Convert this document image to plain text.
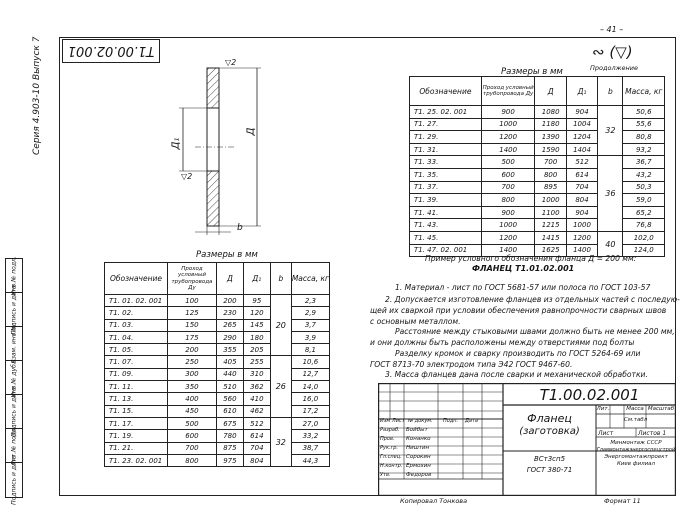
– 41 –
Т1.00.02.001
Серия 4.903-10 Выпуск 7	∾ (▽)
▽2
▽2
Д
Д₁
b
Размеры в мм
Обозначение	Проход условный трубопровода Ду	Д	Д₁	b	Масса, кг
Т1. 01. 02. 001	100	200	95	20	2,3
Т1. 02.	125	230	120		2,9
Т1. 03.	150	265	145		3,7
Т1. 04.	175	290	180		3,9
Т1. 05.	200	355	205		8,1
Т1. 07.	250	405	255	26	10,6
Т1. 09.	300	440	310		12,7
Т1. 11.	350	510	362		14,0
Т1. 13.	400	560	410		16,0
Т1. 15.	450	610	462		17,2
Т1. 17.	500	675	512	32	27,0
Т1. 19.	600	780	614		33,2
Т1. 21.	700	875	704		38,7
Т1. 23. 02. 001	800	975	804		44,3
Продолжение
Размеры в мм
Обозначение	Проход условный трубопровода Ду	Д	Д₁	b	Масса, кг
Т1. 25. 02. 001	900	1080	904	32	50,6
Т1. 27.	1000	1180	1004		55,6
Т1. 29.	1200	1390	1204		80,8
Т1. 31.	1400	1590	1404		93,2
Т1. 33.	500	700	512	36	36,7
Т1. 35.	600	800	614		43,2
Т1. 37.	700	895	704		50,3
Т1. 39.	800	1000	804		59,0
Т1. 41.	900	1100	904		65,2
Т1. 43.	1000	1215	1000		76,8
Т1. 45.	1200	1415	1200	40	102,0
Т1. 47. 02. 001	1400	1625	1400		124,0
Пример условного обозначения фланца Д = 200 мм:
ФЛАНЕЦ Т1.01.02.001
1. Материал - лист по ГОСТ 5681-57 или полоса по ГОСТ 103-57
2. Допускается изготовление фланцев из отдельных частей с последую-
щей их сваркой при условии обеспечения равнопрочности сварных швов
с основным металлом.
Расстояние между стыковыми швами должно быть не менее 200 мм,
и они должны быть расположены между отверстиями под болты
Разделку кромок и сварку производить по ГОСТ 5264-69 или
ГОСТ 8713-70 электродом типа Э42 ГОСТ 9467-60.
3. Масса фланцев дана после сварки и механической обработки.
Изм Лист № докум. Подп. Дата
Разраб.
Пров.
Рук.гр.
Гл.спец.
Н.контр.
Утв.
Бойбыт
Конанко
Ништин
Сорокин
Ермохин
Федоров
Т1.00.02.001
Фланец
(заготовка)
ВСт3сп5
ГОСТ 380-71
Лит.	Масса Масштаб
См.табл
Лист	Листов 1
Минмонтаж СССР
Главмонтажэнергоспецстрой
Энергомонтажпроект
Киев филиал
Инв.№ подл.
Подпись и дата
Взам. инв.№
Инв.№ дубл.
Подпись и дата
Лит.№ подл.
Подпись и дата	Копировал Тонкова	Формат 11
